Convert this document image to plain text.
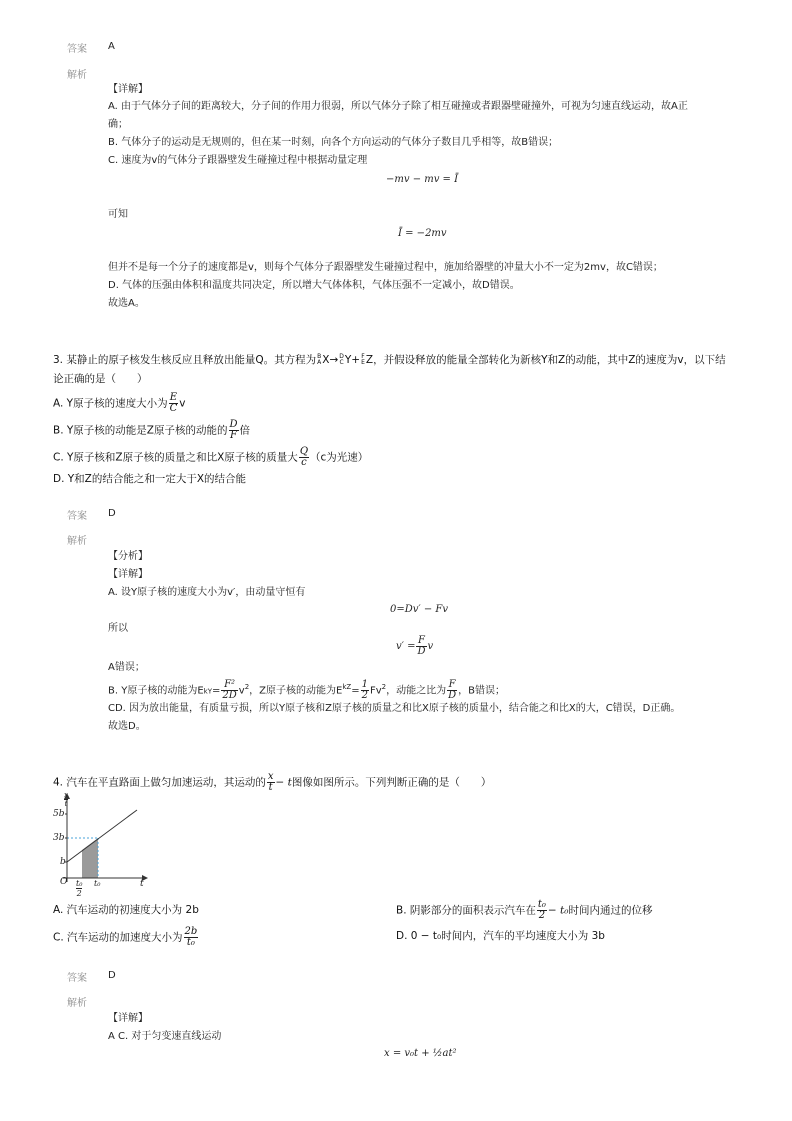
答案 A
解析
【详解】
A. 由于气体分子间的距离较大，分子间的作用力很弱，所以气体分子除了相互碰撞或者跟器壁碰撞外，可视为匀速直线运动，故A正
确；
B. 气体分子的运动是无规则的，但在某一时刻，向各个方向运动的气体分子数目几乎相等，故B错误；
C. 速度为v的气体分子跟器壁发生碰撞过程中根据动量定理
−mv − mv = Ī
可知
Ī = −2mv
但并不是每一个分子的速度都是v，则每个气体分子跟器壁发生碰撞过程中，施加给器壁的冲量大小不一定为2mv，故C错误；
D. 气体的压强由体积和温度共同决定，所以增大气体体积，气体压强不一定减小，故D错误。
故选A。
3. 某静止的原子核发生核反应且释放出能量Q。其方程为 B
A X→ D
C Y+ F
E Z，并假设释放的能量全部转化为新核Y和Z的动能，其中Z的速度为v，以下结
论正确的是（　　）
A. Y原子核的速度大小为 $\frac{E}{C}$ v
B. Y原子核的动能是Z原子核的动能的 $\frac{D}{F}$ 倍
C. Y原子核和Z原子核的质量之和比X原子核的质量大 $\frac{Q}{c} (c$为光速）
D. Y和Z的结合能之和一定大于X的结合能
答案 D
解析
【分析】
【详解】
A. 设Y原子核的速度大小为v′，由动量守恒有
0=Dv′ − Fv
所以
$v' = \frac{F}{D}$ v
A错误；
B. Y原子核的动能为$EkY= \frac{\text{F²}}{2D} v^2$，Z原子核的动能为$E^{kZ}= \frac{1}{2} Fv^2$，动能之比为 $\frac{F}{D}$ ，B错误；
CD. 因为放出能量，有质量亏损，所以Y原子核和Z原子核的质量之和比X原子核的质量小，结合能之和比X的大，C错误，D正确。
故选D。
4. 汽车在平直路面上做匀加速运动，其运动的 $\frac{x}{t} - t$图像如图所示。下列判断正确的是（　　）
5b
3b
b
O t₀
2
t₀	t
x
t
A. 汽车运动的初速度大小为 2b	B. 阴影部分的面积表示汽车在 $\frac{\text{t₀}}{2} - t_0$时间内通过的位移
C. 汽车运动的加速度大小为 $\frac{2b}{\text{t₀}}$	D. 0 − t₀时间内，汽车的平均速度大小为 3b
答案 D
解析
【详解】
A C. 对于匀变速直线运动
x = v₀t + ½at²
